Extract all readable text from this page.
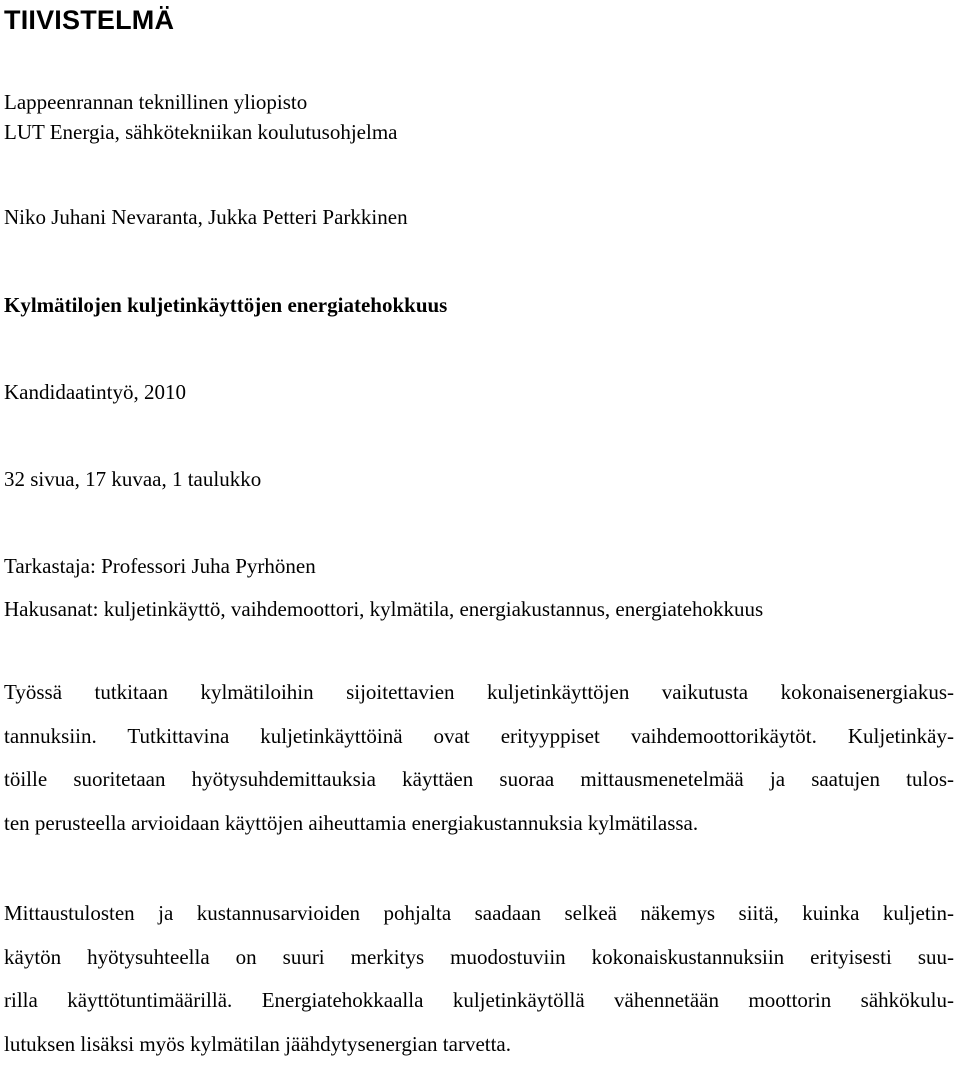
TIIVISTELMÄ
Lappeenrannan teknillinen yliopisto
LUT Energia, sähkötekniikan koulutusohjelma
Niko Juhani Nevaranta, Jukka Petteri Parkkinen
Kylmätilojen kuljetinkäyttöjen energiatehokkuus
Kandidaatintyö, 2010
32 sivua, 17 kuvaa, 1 taulukko
Tarkastaja: Professori Juha Pyrhönen
Hakusanat: kuljetinkäyttö, vaihdemoottori, kylmätila, energiakustannus, energiatehokkuus
Työssä tutkitaan kylmätiloihin sijoitettavien kuljetinkäyttöjen vaikutusta kokonaisenergiakus-
tannuksiin. Tutkittavina kuljetinkäyttöinä ovat erityyppiset vaihdemoottorikäytöt. Kuljetinkäy-
töille suoritetaan hyötysuhdemittauksia käyttäen suoraa mittausmenetelmää ja saatujen tulos-
ten perusteella arvioidaan käyttöjen aiheuttamia energiakustannuksia kylmätilassa.
Mittaustulosten ja kustannusarvioiden pohjalta saadaan selkeä näkemys siitä, kuinka kuljetin-
käytön hyötysuhteella on suuri merkitys muodostuviin kokonaiskustannuksiin erityisesti suu-
rilla käyttötuntimäärillä. Energiatehokkaalla kuljetinkäytöllä vähennetään moottorin sähkökulu-
lutuksen lisäksi myös kylmätilan jäähdytysenergian tarvetta.
